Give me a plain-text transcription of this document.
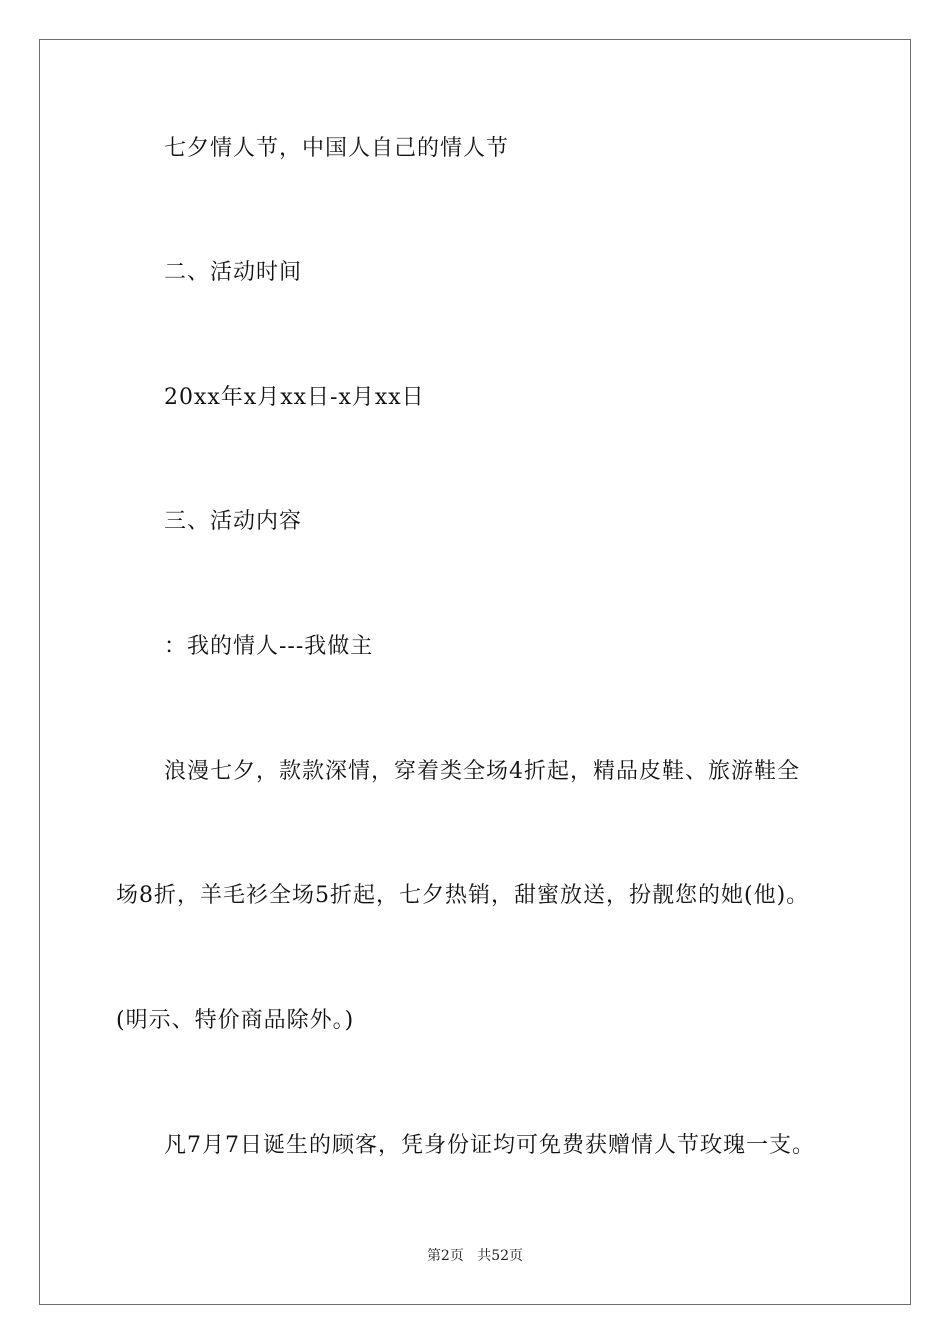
七夕情人节，中国人自己的情人节
二、活动时间
20xx年x月xx日-x月xx日
三、活动内容
：我的情人---我做主
浪漫七夕，款款深情，穿着类全场4折起，精品皮鞋、旅游鞋全
场8折，羊毛衫全场5折起，七夕热销，甜蜜放送，扮靓您的她(他)。
(明示、特价商品除外。)
凡7月7日诞生的顾客，凭身份证均可免费获赠情人节玫瑰一支。
第2页 共52页
